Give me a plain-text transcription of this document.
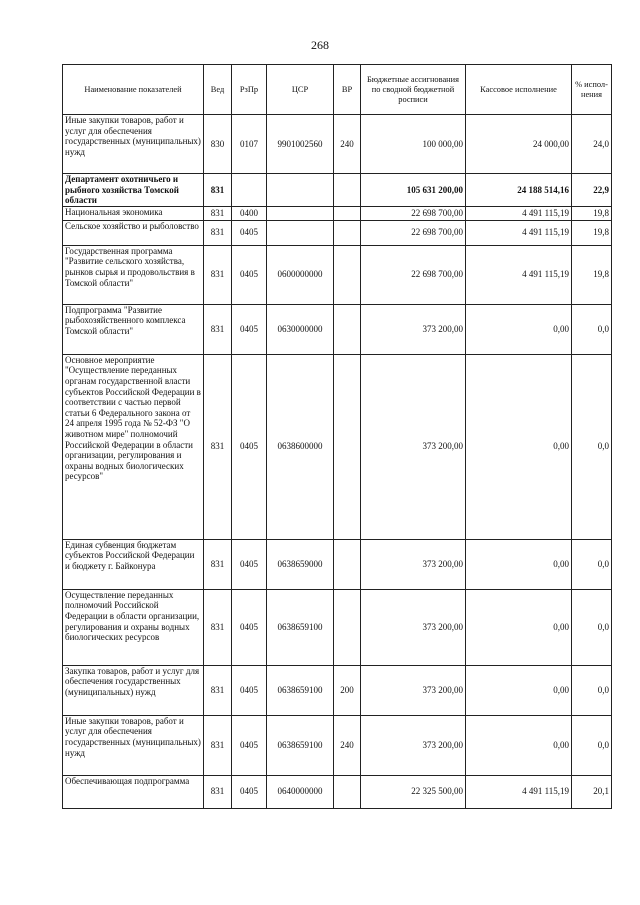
268
Наименование показателей	Вед	РзПр	ЦСР	ВР	Бюджетные ассигнования по сводной бюджетной росписи	Кассовое исполнение	% испол-нения
Иные закупки товаров, работ и услуг для обеспечения государственных (муниципальных) нужд	830	0107	9901002560	240	100 000,00	24 000,00	24,0
Департамент охотничьего и рыбного хозяйства Томской области	831				105 631 200,00	24 188 514,16	22,9
Национальная экономика	831	0400			22 698 700,00	4 491 115,19	19,8
Сельское хозяйство и рыболовство	831	0405			22 698 700,00	4 491 115,19	19,8
Государственная программа "Развитие сельского хозяйства, рынков сырья и продовольствия в Томской области"	831	0405	0600000000		22 698 700,00	4 491 115,19	19,8
Подпрограмма "Развитие рыбохозяйственного комплекса Томской области"	831	0405	0630000000		373 200,00	0,00	0,0
Основное мероприятие "Осуществление переданных органам государственной власти субъектов Российской Федерации в соответствии с частью первой статьи 6 Федерального закона от 24 апреля 1995 года № 52-ФЗ "О животном мире" полномочий Российской Федерации в области организации, регулирования и охраны водных биологических ресурсов"	831	0405	0638600000		373 200,00	0,00	0,0
Единая субвенция бюджетам субъектов Российской Федерации и бюджету г. Байконура	831	0405	0638659000		373 200,00	0,00	0,0
Осуществление переданных полномочий Российской Федерации в области организации, регулирования и охраны водных биологических ресурсов	831	0405	0638659100		373 200,00	0,00	0,0
Закупка товаров, работ и услуг для обеспечения государственных (муниципальных) нужд	831	0405	0638659100	200	373 200,00	0,00	0,0
Иные закупки товаров, работ и услуг для обеспечения государственных (муниципальных) нужд	831	0405	0638659100	240	373 200,00	0,00	0,0
Обеспечивающая подпрограмма	831	0405	0640000000		22 325 500,00	4 491 115,19	20,1
